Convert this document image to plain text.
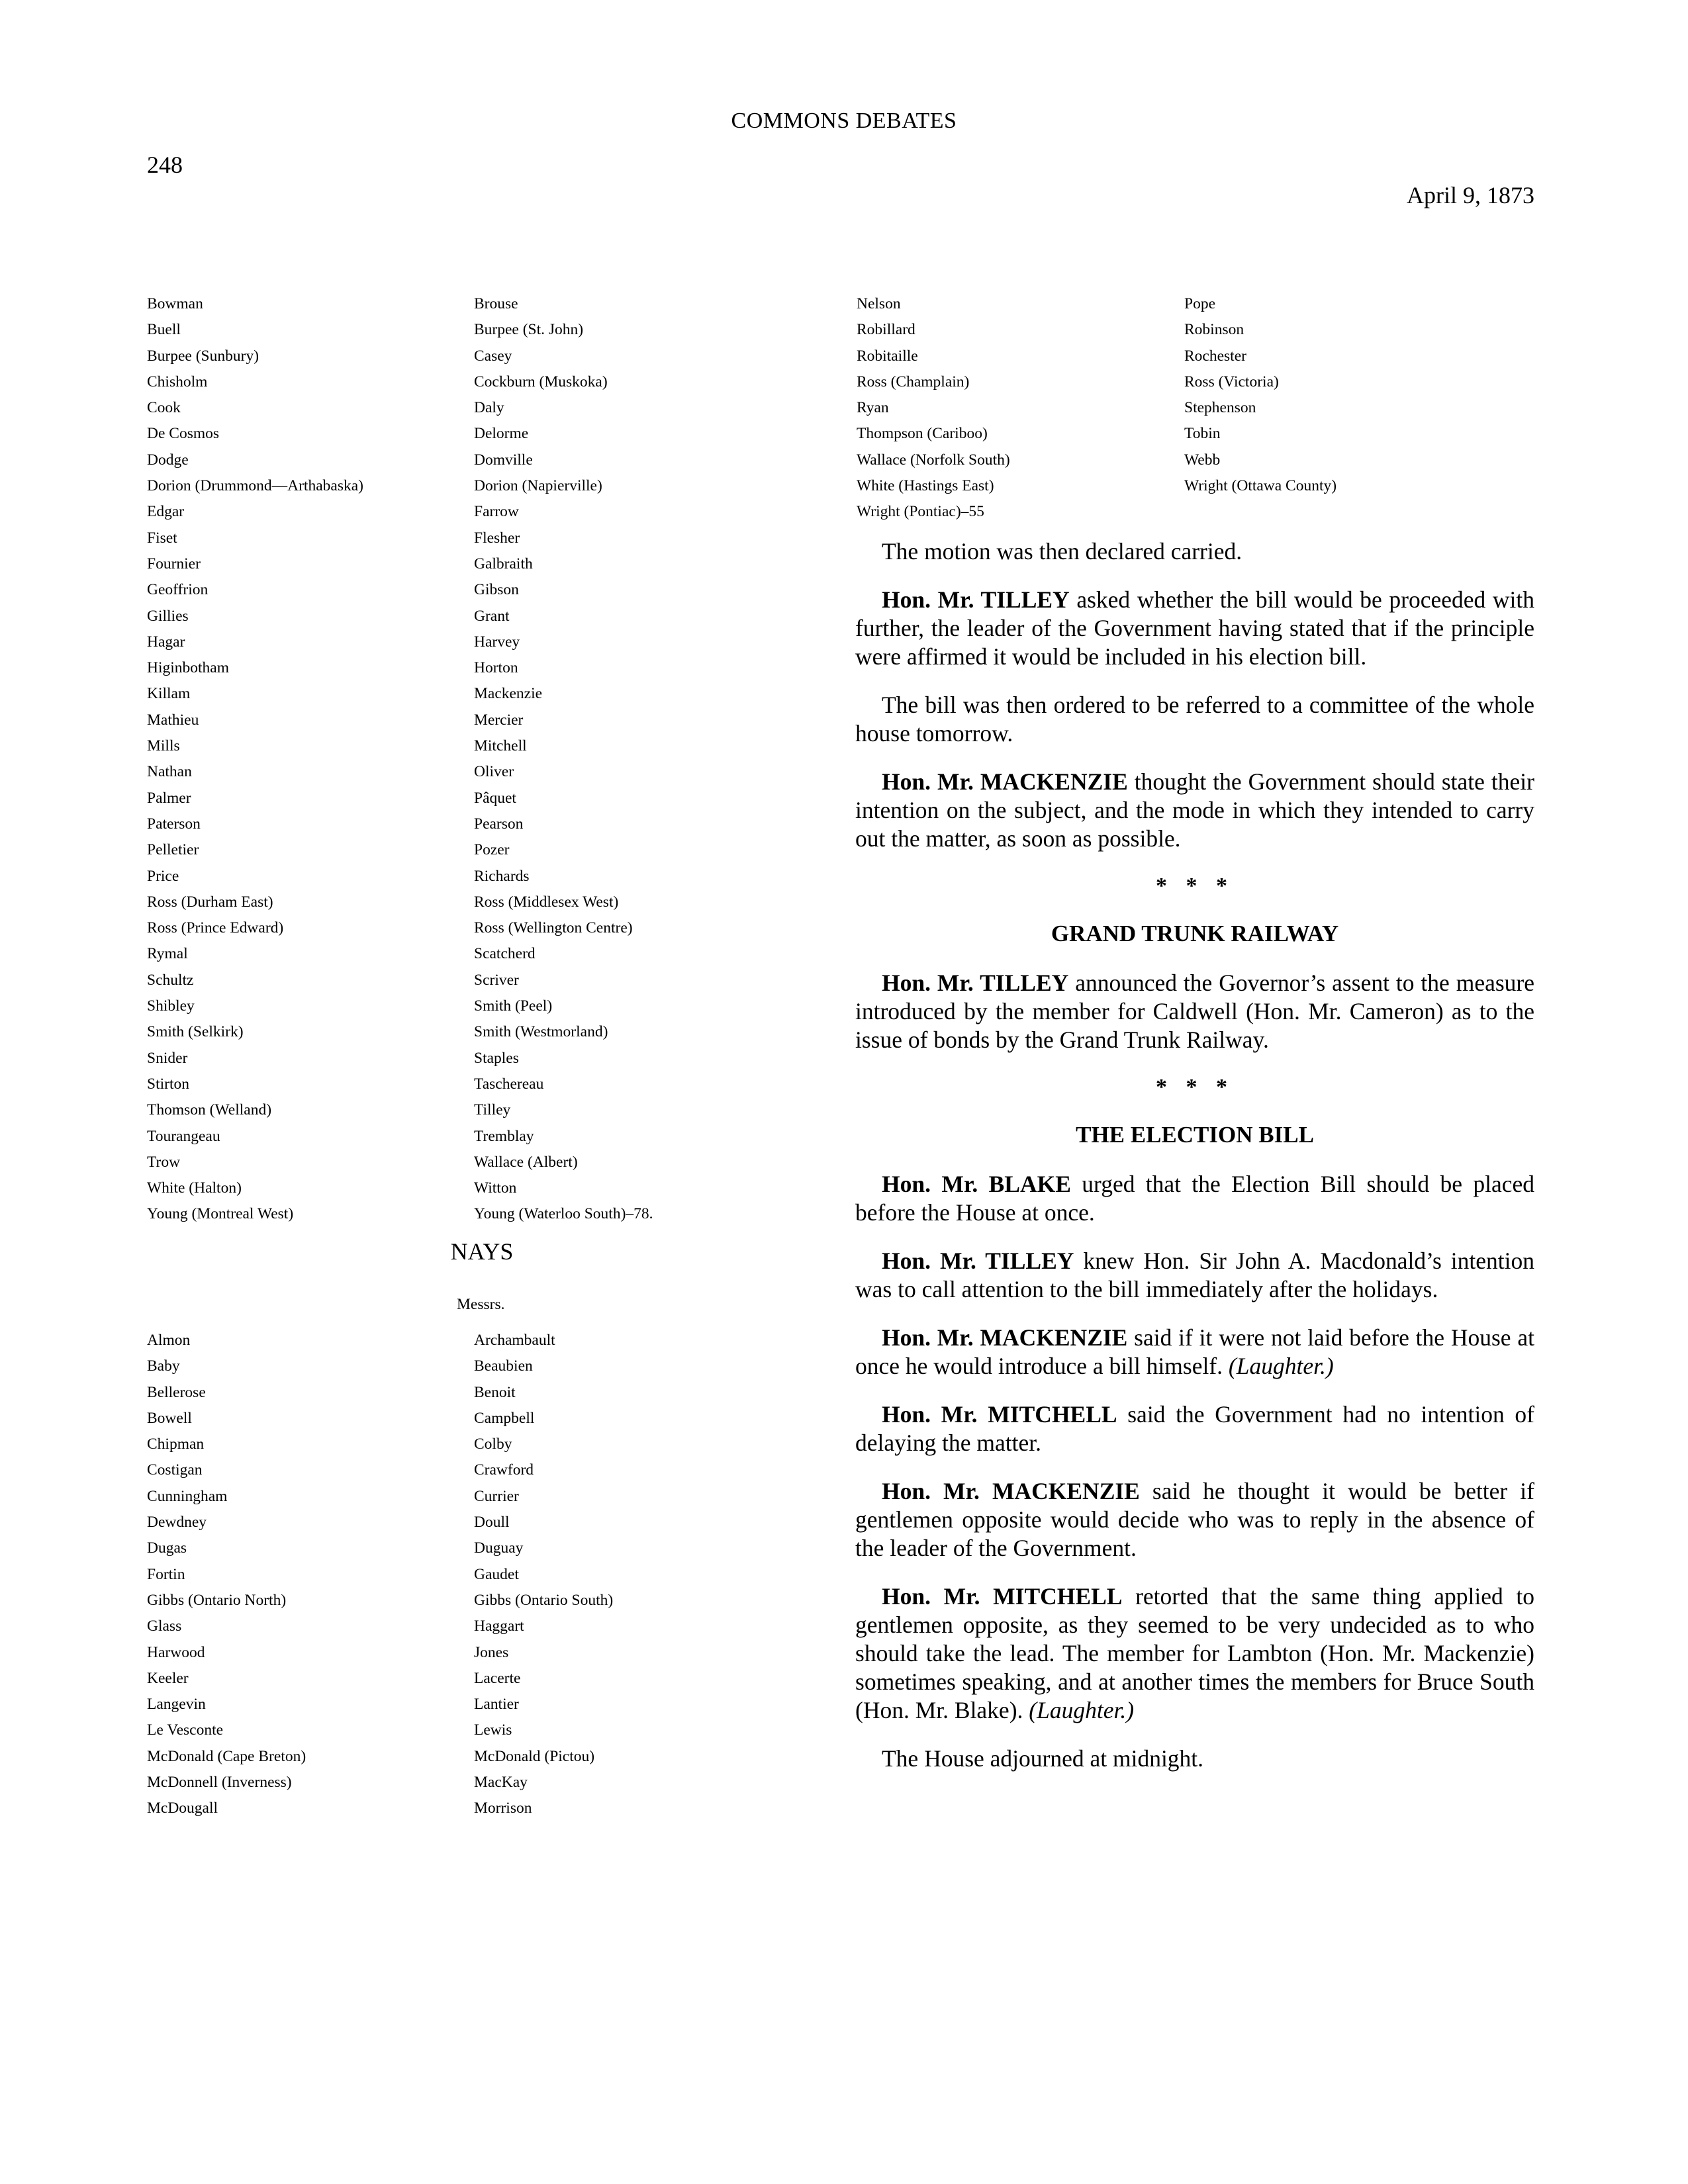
COMMONS DEBATES
248
April 9, 1873
Bowman
Buell
Burpee (Sunbury)
Chisholm
Cook
De Cosmos
Dodge
Dorion (Drummond—Arthabaska)
Edgar
Fiset
Fournier
Geoffrion
Gillies
Hagar
Higinbotham
Killam
Mathieu
Mills
Nathan
Palmer
Paterson
Pelletier
Price
Ross (Durham East)
Ross (Prince Edward)
Rymal
Schultz
Shibley
Smith (Selkirk)
Snider
Stirton
Thomson (Welland)
Tourangeau
Trow
White (Halton)
Young (Montreal West)
Brouse
Burpee (St. John)
Casey
Cockburn (Muskoka)
Daly
Delorme
Domville
Dorion (Napierville)
Farrow
Flesher
Galbraith
Gibson
Grant
Harvey
Horton
Mackenzie
Mercier
Mitchell
Oliver
Pâquet
Pearson
Pozer
Richards
Ross (Middlesex West)
Ross (Wellington Centre)
Scatcherd
Scriver
Smith (Peel)
Smith (Westmorland)
Staples
Taschereau
Tilley
Tremblay
Wallace (Albert)
Witton
Young (Waterloo South)–78.
NAYS
Messrs.
Almon
Baby
Bellerose
Bowell
Chipman
Costigan
Cunningham
Dewdney
Dugas
Fortin
Gibbs (Ontario North)
Glass
Harwood
Keeler
Langevin
Le Vesconte
McDonald (Cape Breton)
McDonnell (Inverness)
McDougall
Archambault
Beaubien
Benoit
Campbell
Colby
Crawford
Currier
Doull
Duguay
Gaudet
Gibbs (Ontario South)
Haggart
Jones
Lacerte
Lantier
Lewis
McDonald (Pictou)
MacKay
Morrison
Nelson
Robillard
Robitaille
Ross (Champlain)
Ryan
Thompson (Cariboo)
Wallace (Norfolk South)
White (Hastings East)
Wright (Pontiac)–55
Pope
Robinson
Rochester
Ross (Victoria)
Stephenson
Tobin
Webb
Wright (Ottawa County)

The motion was then declared carried.

Hon. Mr. TILLEY asked whether the bill would be proceeded with further, the leader of the Government having stated that if the principle were affirmed it would be included in his election bill.

The bill was then ordered to be referred to a committee of the whole house tomorrow.

Hon. Mr. MACKENZIE thought the Government should state their intention on the subject, and the mode in which they intended to carry out the matter, as soon as possible.

* * *
GRAND TRUNK RAILWAY

Hon. Mr. TILLEY announced the Governor’s assent to the measure introduced by the member for Caldwell (Hon. Mr. Cameron) as to the issue of bonds by the Grand Trunk Railway.

* * *
THE ELECTION BILL

Hon. Mr. BLAKE urged that the Election Bill should be placed before the House at once.

Hon. Mr. TILLEY knew Hon. Sir John A. Macdonald’s intention was to call attention to the bill immediately after the holidays.

Hon. Mr. MACKENZIE said if it were not laid before the House at once he would introduce a bill himself. (Laughter.)

Hon. Mr. MITCHELL said the Government had no intention of delaying the matter.

Hon. Mr. MACKENZIE said he thought it would be better if gentlemen opposite would decide who was to reply in the absence of the leader of the Government.

Hon. Mr. MITCHELL retorted that the same thing applied to gentlemen opposite, as they seemed to be very undecided as to who should take the lead. The member for Lambton (Hon. Mr. Mackenzie) sometimes speaking, and at another times the members for Bruce South (Hon. Mr. Blake). (Laughter.)

The House adjourned at midnight.
